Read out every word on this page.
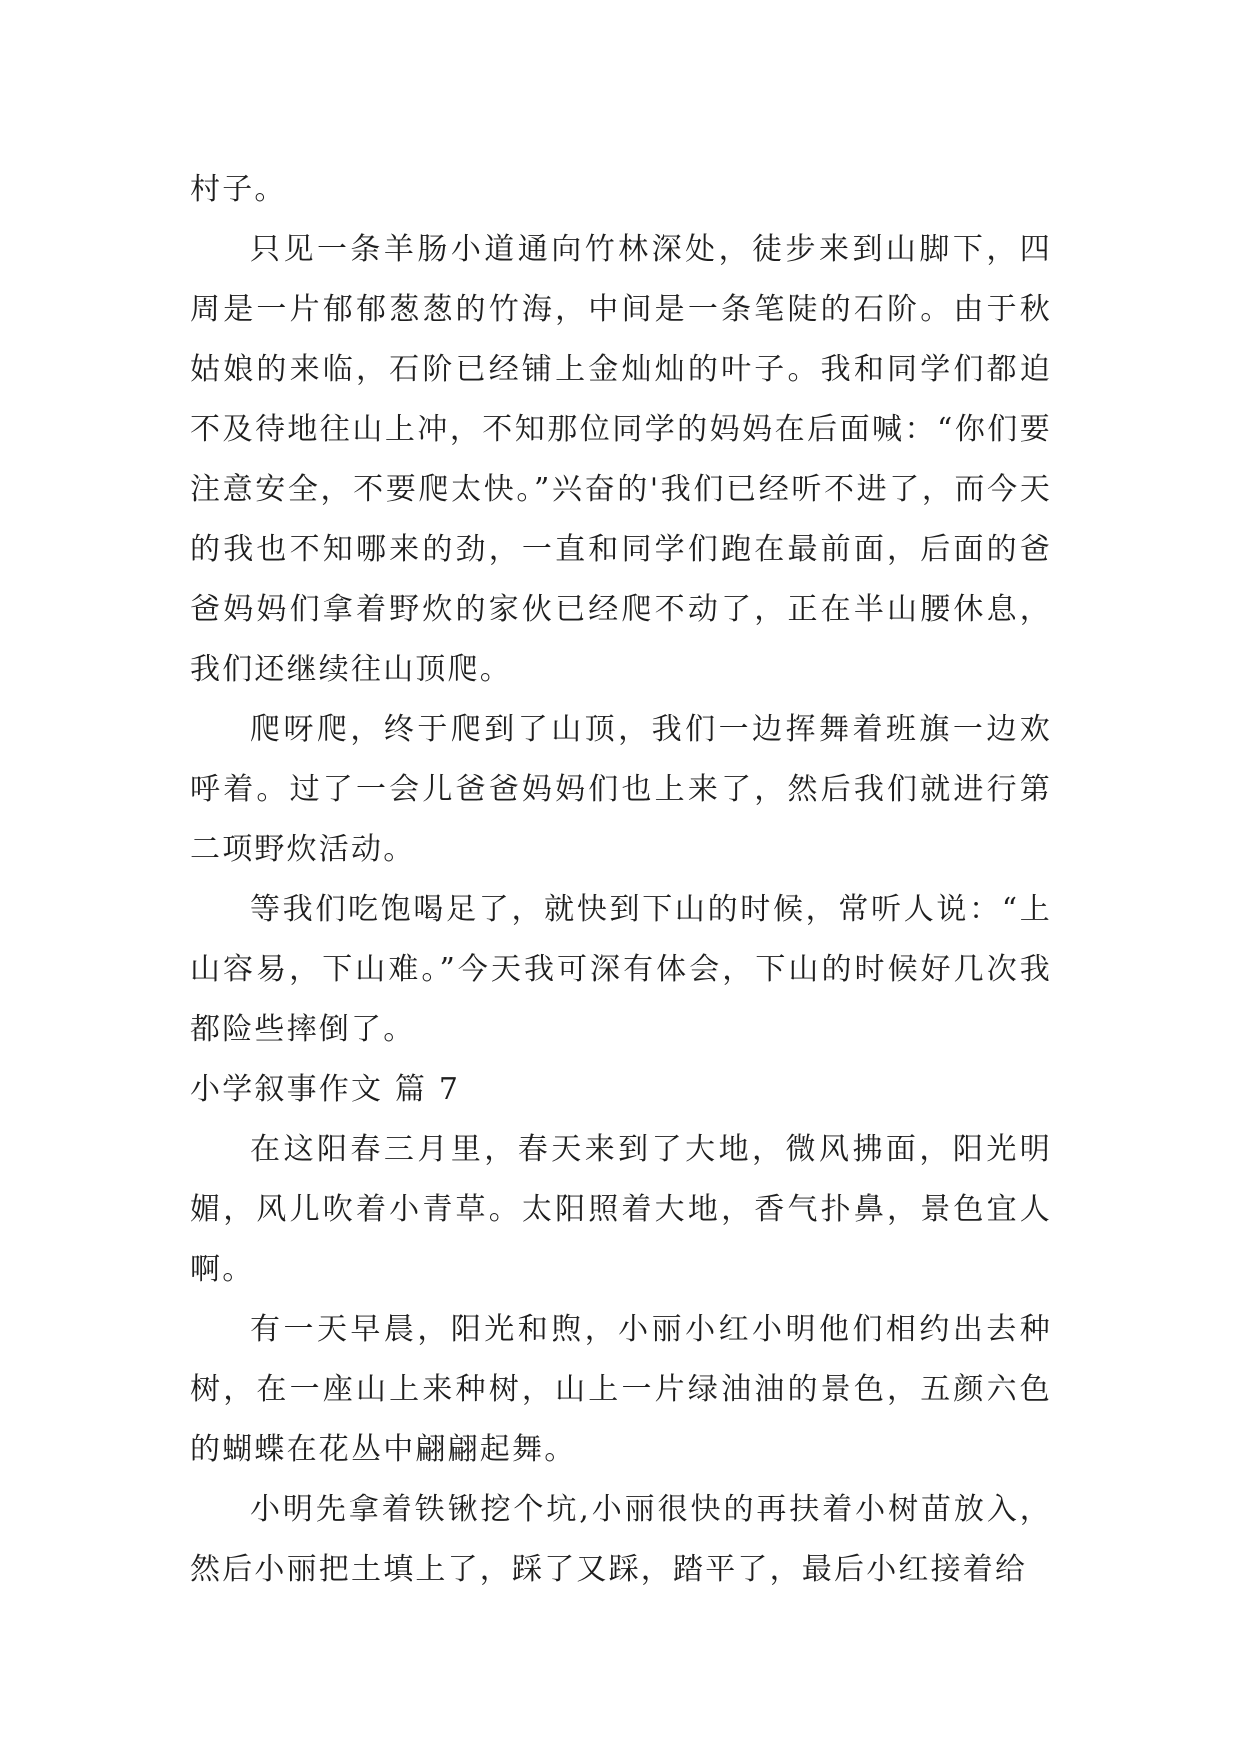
村子。

只见一条羊肠小道通向竹林深处，徒步来到山脚下，四周是一片郁郁葱葱的竹海，中间是一条笔陡的石阶。由于秋姑娘的来临，石阶已经铺上金灿灿的叶子。我和同学们都迫不及待地往山上冲，不知那位同学的妈妈在后面喊：“你们要注意安全，不要爬太快。”兴奋的'我们已经听不进了，而今天的我也不知哪来的劲，一直和同学们跑在最前面，后面的爸爸妈妈们拿着野炊的家伙已经爬不动了，正在半山腰休息，我们还继续往山顶爬。

爬呀爬，终于爬到了山顶，我们一边挥舞着班旗一边欢呼着。过了一会儿爸爸妈妈们也上来了，然后我们就进行第二项野炊活动。

等我们吃饱喝足了，就快到下山的时候，常听人说：“上山容易，下山难。”今天我可深有体会，下山的时候好几次我都险些摔倒了。

小学叙事作文 篇 7

在这阳春三月里，春天来到了大地，微风拂面，阳光明媚，风儿吹着小青草。太阳照着大地，香气扑鼻，景色宜人啊。

有一天早晨，阳光和煦，小丽小红小明他们相约出去种树，在一座山上来种树，山上一片绿油油的景色，五颜六色的蝴蝶在花丛中翩翩起舞。

小明先拿着铁锹挖个坑,小丽很快的再扶着小树苗放入，然后小丽把土填上了，踩了又踩，踏平了，最后小红接着给
